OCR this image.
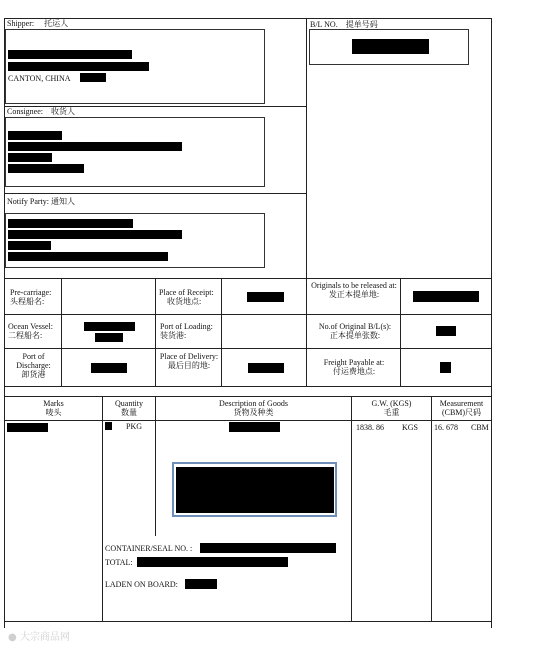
Shipper: 托运人
CANTON, CHINA
B/L NO. 提单号码
Consignee: 收货人
Notify Party: 通知人
Pre-carriage:
头程船名:
Place of Receipt:
收货地点:
Originals to be released at:
发正本提单地:
Ocean Vessel:
二程船名:
Port of Loading:
装货港:
No.of Original B/L(s):
正本提单张数:
Port of Discharge:
卸货港
Place of Delivery:
最后目的地:	Freight Payable at:
付运费地点:
Marks
唛头
Quantity
数量
Description of Goods
货物及种类
G.W. (KGS)
毛重
Measurement
(CBM)尺码
PKG	1838. 86 KGS 16. 678 CBM
CONTAINER/SEAL NO. :
TOTAL:
LADEN ON BOARD:
● 大宗商品网
